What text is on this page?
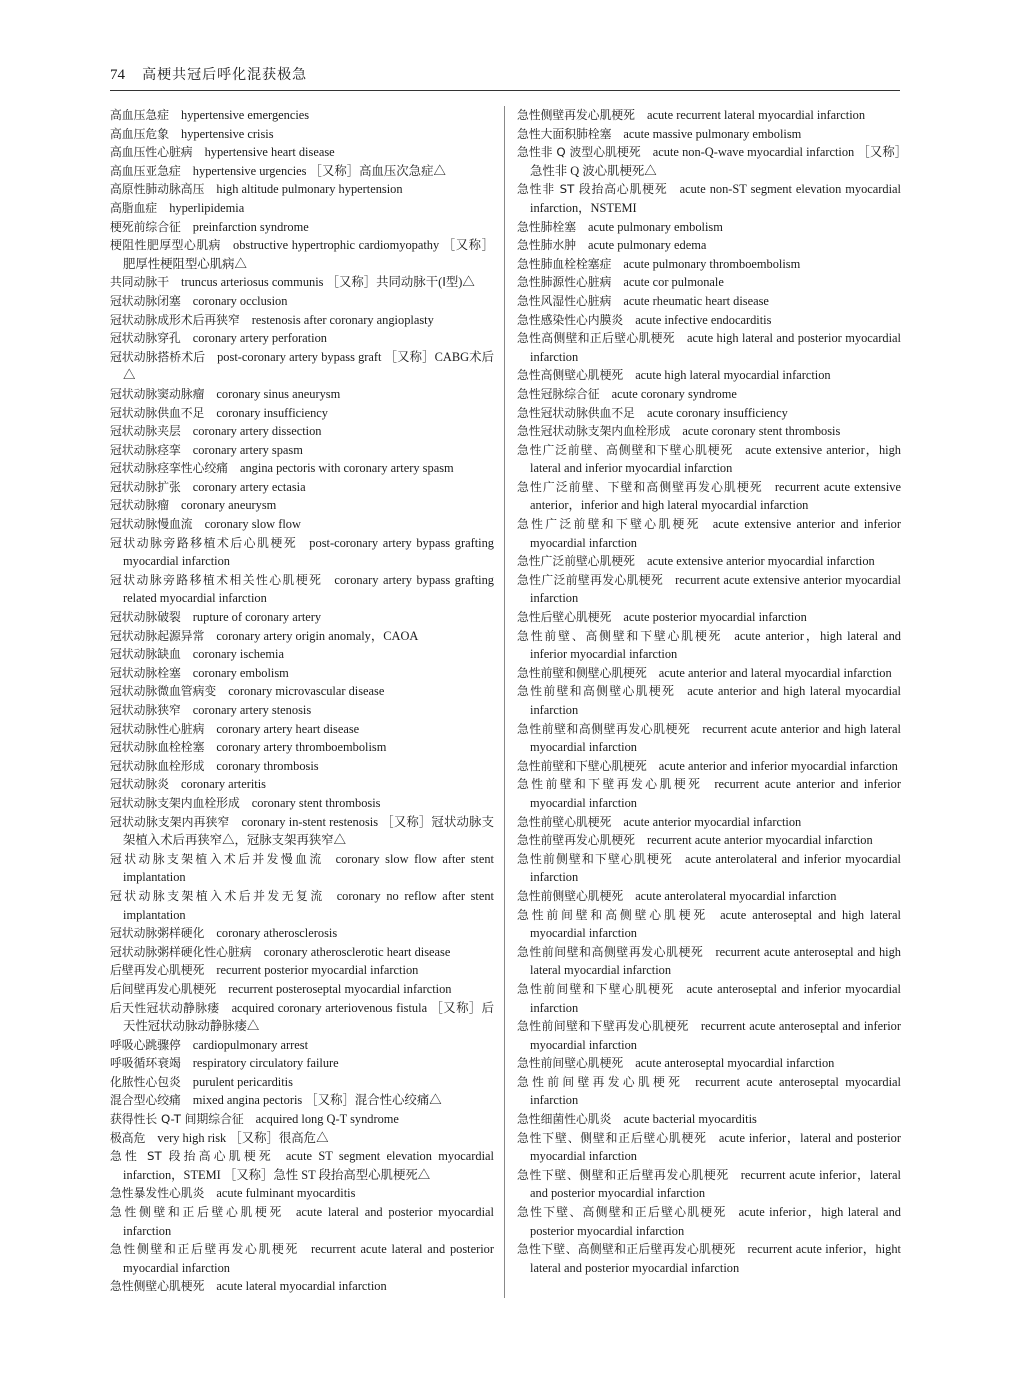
74 高梗共冠后呼化混获极急
高血压急症 hypertensive emergencies
高血压危象 hypertensive crisis
高血压性心脏病 hypertensive heart disease
高血压亚急症 hypertensive urgencies ［又称］高血压次急症△
高原性肺动脉高压 high altitude pulmonary hypertension
高脂血症 hyperlipidemia
梗死前综合征 preinfarction syndrome
梗阻性肥厚型心肌病 obstructive hypertrophic cardiomyopathy ［又称］肥厚性梗阻型心肌病△
共同动脉干 truncus arteriosus communis ［又称］共同动脉干(Ⅰ型)△
冠状动脉闭塞 coronary occlusion
冠状动脉成形术后再狭窄 restenosis after coronary angioplasty
冠状动脉穿孔 coronary artery perforation
冠状动脉搭桥术后 post-coronary artery bypass graft ［又称］CABG术后△
冠状动脉窦动脉瘤 coronary sinus aneurysm
冠状动脉供血不足 coronary insufficiency
冠状动脉夹层 coronary artery dissection
冠状动脉痉挛 coronary artery spasm
冠状动脉痉挛性心绞痛 angina pectoris with coronary artery spasm
冠状动脉扩张 coronary artery ectasia
冠状动脉瘤 coronary aneurysm
冠状动脉慢血流 coronary slow flow
冠状动脉旁路移植术后心肌梗死 post-coronary artery bypass grafting myocardial infarction
冠状动脉旁路移植术相关性心肌梗死 coronary artery bypass grafting related myocardial infarction
冠状动脉破裂 rupture of coronary artery
冠状动脉起源异常 coronary artery origin anomaly，CAOA
冠状动脉缺血 coronary ischemia
冠状动脉栓塞 coronary embolism
冠状动脉微血管病变 coronary microvascular disease
冠状动脉狭窄 coronary artery stenosis
冠状动脉性心脏病 coronary artery heart disease
冠状动脉血栓栓塞 coronary artery thromboembolism
冠状动脉血栓形成 coronary thrombosis
冠状动脉炎 coronary arteritis
冠状动脉支架内血栓形成 coronary stent thrombosis
冠状动脉支架内再狭窄 coronary in-stent restenosis ［又称］冠状动脉支架植入术后再狭窄△，冠脉支架再狭窄△
冠状动脉支架植入术后并发慢血流 coronary slow flow after stent implantation
冠状动脉支架植入术后并发无复流 coronary no reflow after stent implantation
冠状动脉粥样硬化 coronary atherosclerosis
冠状动脉粥样硬化性心脏病 coronary atherosclerotic heart disease
后壁再发心肌梗死 recurrent posterior myocardial infarction
后间壁再发心肌梗死 recurrent posteroseptal myocardial infarction
后天性冠状动静脉瘘 acquired coronary arteriovenous fistula ［又称］后天性冠状动脉动静脉瘘△
呼吸心跳骤停 cardiopulmonary arrest
呼吸循环衰竭 respiratory circulatory failure
化脓性心包炎 purulent pericarditis
混合型心绞痛 mixed angina pectoris ［又称］混合性心绞痛△
获得性长 Q-T 间期综合征 acquired long Q-T syndrome
极高危 very high risk ［又称］很高危△
急性 ST 段抬高心肌梗死 acute ST segment elevation myocardial infarction，STEMI ［又称］急性 ST 段抬高型心肌梗死△
急性暴发性心肌炎 acute fulminant myocarditis
急性侧壁和正后壁心肌梗死 acute lateral and posterior myocardial infarction
急性侧壁和正后壁再发心肌梗死 recurrent acute lateral and posterior myocardial infarction
急性侧壁心肌梗死 acute lateral myocardial infarction
急性侧壁再发心肌梗死 acute recurrent lateral myocardial infarction
急性大面积肺栓塞 acute massive pulmonary embolism
急性非 Q 波型心肌梗死 acute non-Q-wave myocardial infarction ［又称］急性非 Q 波心肌梗死△
急性非 ST 段抬高心肌梗死 acute non-ST segment elevation myocardial infarction，NSTEMI
急性肺栓塞 acute pulmonary embolism
急性肺水肿 acute pulmonary edema
急性肺血栓栓塞症 acute pulmonary thromboembolism
急性肺源性心脏病 acute cor pulmonale
急性风湿性心脏病 acute rheumatic heart disease
急性感染性心内膜炎 acute infective endocarditis
急性高侧壁和正后壁心肌梗死 acute high lateral and posterior myocardial infarction
急性高侧壁心肌梗死 acute high lateral myocardial infarction
急性冠脉综合征 acute coronary syndrome
急性冠状动脉供血不足 acute coronary insufficiency
急性冠状动脉支架内血栓形成 acute coronary stent thrombosis
急性广泛前壁、高侧壁和下壁心肌梗死 acute extensive anterior，high lateral and inferior myocardial infarction
急性广泛前壁、下壁和高侧壁再发心肌梗死 recurrent acute extensive anterior，inferior and high lateral myocardial infarction
急性广泛前壁和下壁心肌梗死 acute extensive anterior and inferior myocardial infarction
急性广泛前壁心肌梗死 acute extensive anterior myocardial infarction
急性广泛前壁再发心肌梗死 recurrent acute extensive anterior myocardial infarction
急性后壁心肌梗死 acute posterior myocardial infarction
急性前壁、高侧壁和下壁心肌梗死 acute anterior，high lateral and inferior myocardial infarction
急性前壁和侧壁心肌梗死 acute anterior and lateral myocardial infarction
急性前壁和高侧壁心肌梗死 acute anterior and high lateral myocardial infarction
急性前壁和高侧壁再发心肌梗死 recurrent acute anterior and high lateral myocardial infarction
急性前壁和下壁心肌梗死 acute anterior and inferior myocardial infarction
急性前壁和下壁再发心肌梗死 recurrent acute anterior and inferior myocardial infarction
急性前壁心肌梗死 acute anterior myocardial infarction
急性前壁再发心肌梗死 recurrent acute anterior myocardial infarction
急性前侧壁和下壁心肌梗死 acute anterolateral and inferior myocardial infarction
急性前侧壁心肌梗死 acute anterolateral myocardial infarction
急性前间壁和高侧壁心肌梗死 acute anteroseptal and high lateral myocardial infarction
急性前间壁和高侧壁再发心肌梗死 recurrent acute anteroseptal and high lateral myocardial infarction
急性前间壁和下壁心肌梗死 acute anteroseptal and inferior myocardial infarction
急性前间壁和下壁再发心肌梗死 recurrent acute anteroseptal and inferior myocardial infarction
急性前间壁心肌梗死 acute anteroseptal myocardial infarction
急性前间壁再发心肌梗死 recurrent acute anteroseptal myocardial infarction
急性细菌性心肌炎 acute bacterial myocarditis
急性下壁、侧壁和正后壁心肌梗死 acute inferior，lateral and posterior myocardial infarction
急性下壁、侧壁和正后壁再发心肌梗死 recurrent acute inferior，lateral and posterior myocardial infarction
急性下壁、高侧壁和正后壁心肌梗死 acute inferior，high lateral and posterior myocardial infarction
急性下壁、高侧壁和正后壁再发心肌梗死 recurrent acute inferior，hight lateral and posterior myocardial infarction
